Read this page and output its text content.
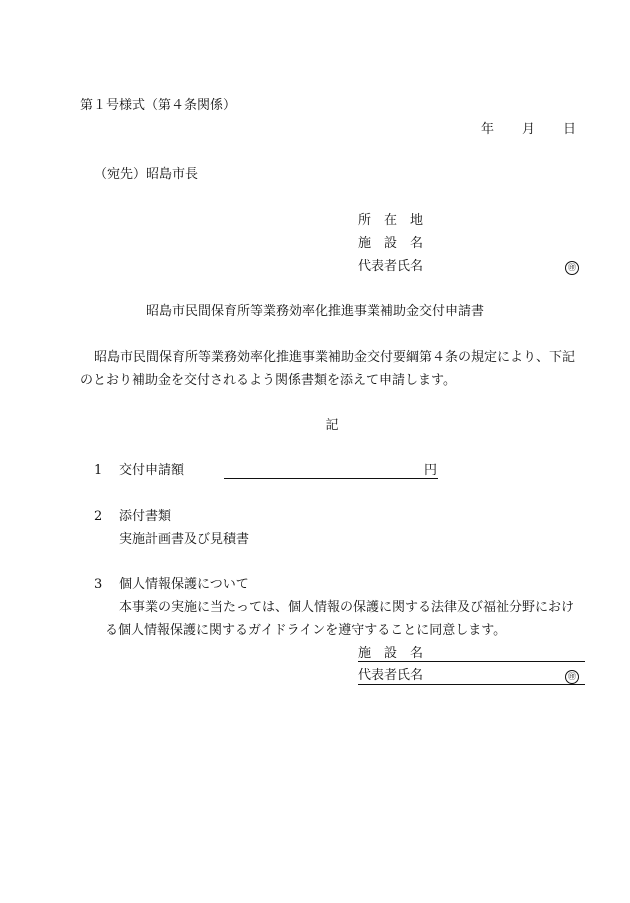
第１号様式（第４条関係）
年 月 日
（宛先）昭島市長
所　在　地
施　設　名
代表者氏名	㊞
昭島市民間保育所等業務効率化推進事業補助金交付申請書
昭島市民間保育所等業務効率化推進事業補助金交付要綱第４条の規定により、下記
のとおり補助金を交付されるよう関係書類を添えて申請します。
記
1 交付申請額	円
2 添付書類
実施計画書及び見積書
3 個人情報保護について
本事業の実施に当たっては、個人情報の保護に関する法律及び福祉分野におけ
る個人情報保護に関するガイドラインを遵守することに同意します。
施　設　名
代表者氏名	㊞
